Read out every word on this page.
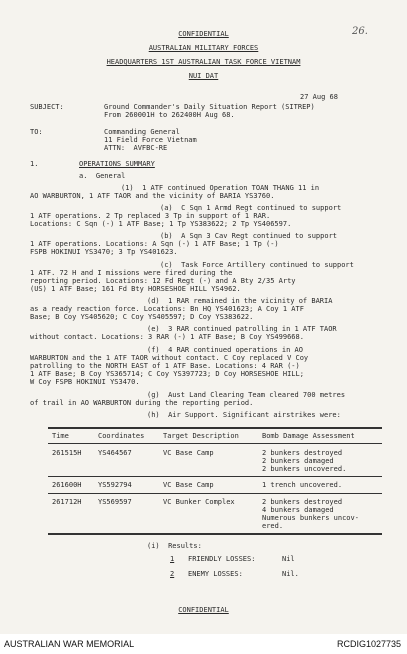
26.
CONFIDENTIAL
AUSTRALIAN MILITARY FORCES
HEADQUARTERS 1ST AUSTRALIAN TASK FORCE VIETNAM
NUI DAT
27 Aug 68
SUBJECT:	Ground Commander's Daily Situation Report (SITREP)
From 260001H to 262400H Aug 68.
TO:	Commanding General
11 Field Force Vietnam
ATTN:  AVFBC-RE
1.	OPERATIONS SUMMARY
a.  General
(1)  1 ATF continued Operation TOAN THANG 11 in
AO WARBURTON, 1 ATF TAOR and the vicinity of BARIA YS3760.
(a)  C Sqn 1 Armd Regt continued to support
1 ATF operations. 2 Tp replaced 3 Tp in support of 1 RAR.
Locations: C Sqn (-) 1 ATF Base; 1 Tp YS383622; 2 Tp YS406597.
(b)  A Sqn 3 Cav Regt continued to support
1 ATF operations. Locations: A Sqn (-) 1 ATF Base; 1 Tp (-)
FSPB HOKINUI YS3470; 3 Tp YS401623.
(c)  Task Force Artillery continued to support
1 ATF. 72 H and I missions were fired during the
reporting period. Locations: 12 Fd Regt (-) and A Bty 2/35 Arty
(US) 1 ATF Base; 161 Fd Bty HORSESHOE HILL YS4962.
(d)  1 RAR remained in the vicinity of BARIA
as a ready reaction force. Locations: Bn HQ YS401623; A Coy 1 ATF
Base; B Coy YS405620; C Coy YS405597; D Coy YS383622.
(e)  3 RAR continued patrolling in 1 ATF TAOR
without contact. Locations: 3 RAR (-) 1 ATF Base; B Coy YS499668.
(f)  4 RAR continued operations in AO
WARBURTON and the 1 ATF TAOR without contact. C Coy replaced V Coy
patrolling to the NORTH EAST of 1 ATF Base. Locations: 4 RAR (-)
1 ATF Base; B Coy YS365714; C Coy YS397723; D Coy HORSESHOE HILL;
W Coy FSPB HOKINUI YS3470.
(g)  Aust Land Clearing Team cleared 700 metres
of trail in AO WARBURTON during the reporting period.
(h)  Air Support. Significant airstrikes were:
Time	Coordinates	Target Description	Bomb Damage Assessment
261515H YS464567	VC Base Camp	2 bunkers destroyed
2 bunkers damaged
2 bunkers uncovered.
261600H YS592794	VC Base Camp	1 trench uncovered.
261712H YS569597	VC Bunker Complex	2 bunkers destroyed
4 bunkers damaged
Numerous bunkers uncov-
ered.
(i)  Results:
1 FRIENDLY LOSSES:	Nil
2 ENEMY LOSSES:	Nil.
CONFIDENTIAL
AUSTRALIAN WAR MEMORIAL	RCDIG1027735
